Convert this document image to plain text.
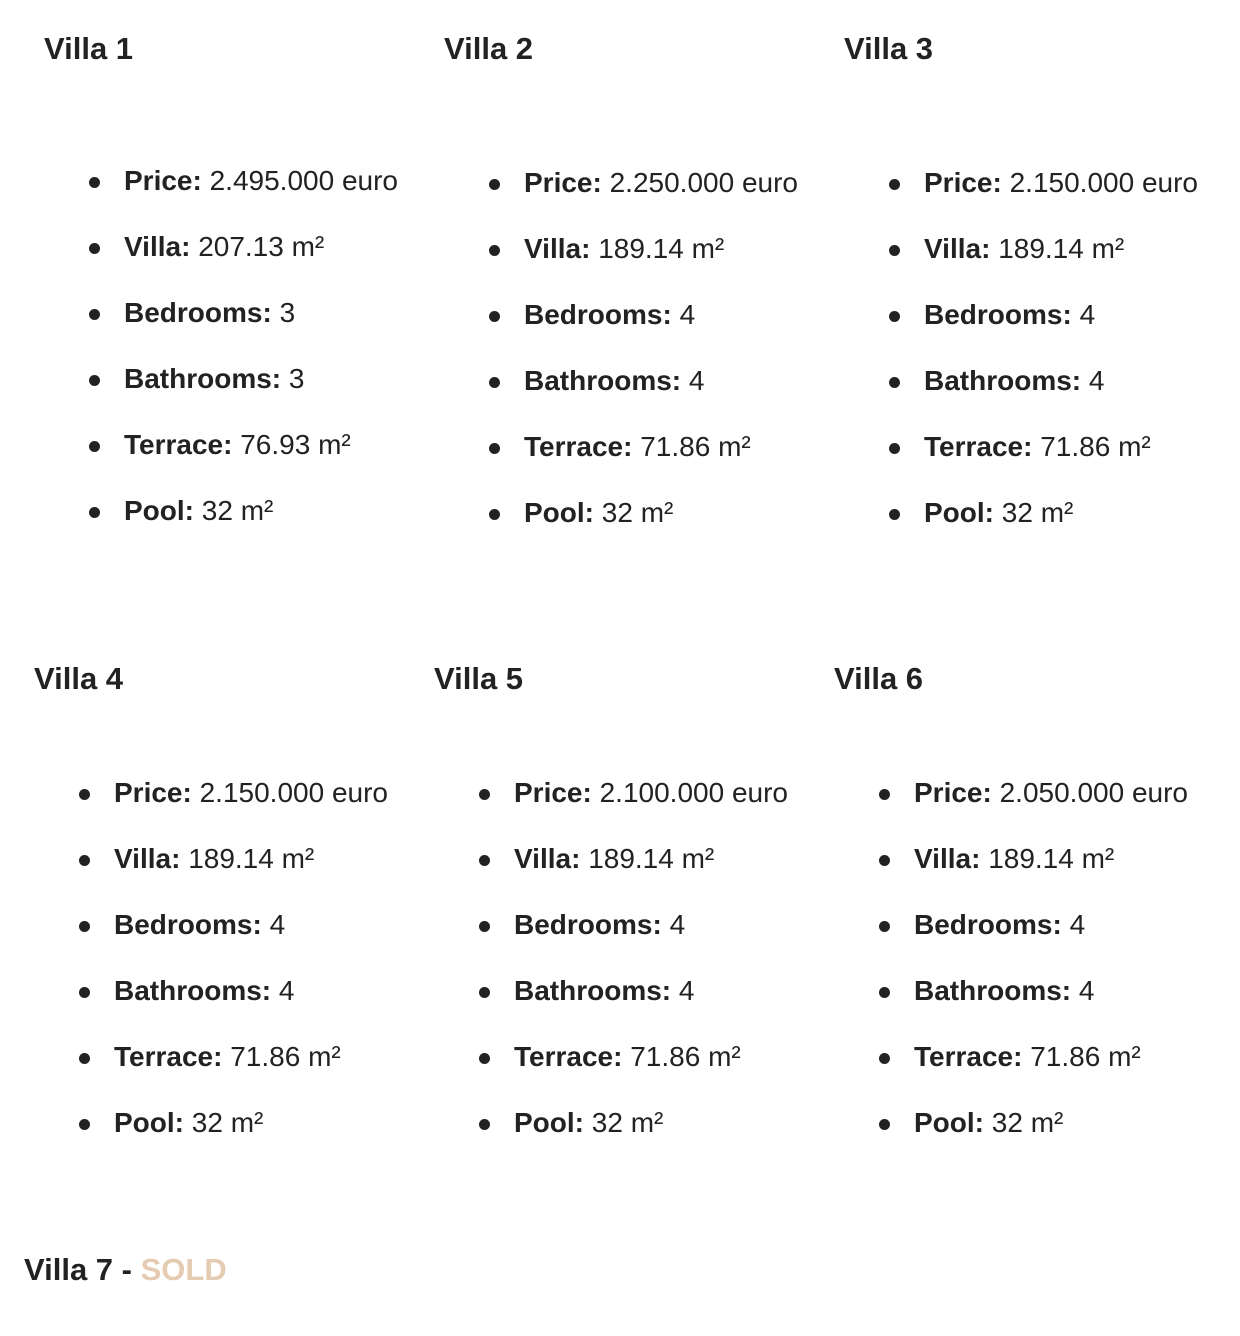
Villa 1
Price: 2.495.000 euro
Villa: 207.13 m²
Bedrooms: 3
Bathrooms: 3
Terrace: 76.93 m²
Pool: 32 m²
Villa 2
Price: 2.250.000 euro
Villa: 189.14 m²
Bedrooms: 4
Bathrooms: 4
Terrace: 71.86 m²
Pool: 32 m²
Villa 3
Price: 2.150.000 euro
Villa: 189.14 m²
Bedrooms: 4
Bathrooms: 4
Terrace: 71.86 m²
Pool: 32 m²
Villa 4
Price: 2.150.000 euro
Villa: 189.14 m²
Bedrooms: 4
Bathrooms: 4
Terrace: 71.86 m²
Pool: 32 m²
Villa 5
Price: 2.100.000 euro
Villa: 189.14 m²
Bedrooms: 4
Bathrooms: 4
Terrace: 71.86 m²
Pool: 32 m²
Villa 6
Price: 2.050.000 euro
Villa: 189.14 m²
Bedrooms: 4
Bathrooms: 4
Terrace: 71.86 m²
Pool: 32 m²
Villa 7 - SOLD
